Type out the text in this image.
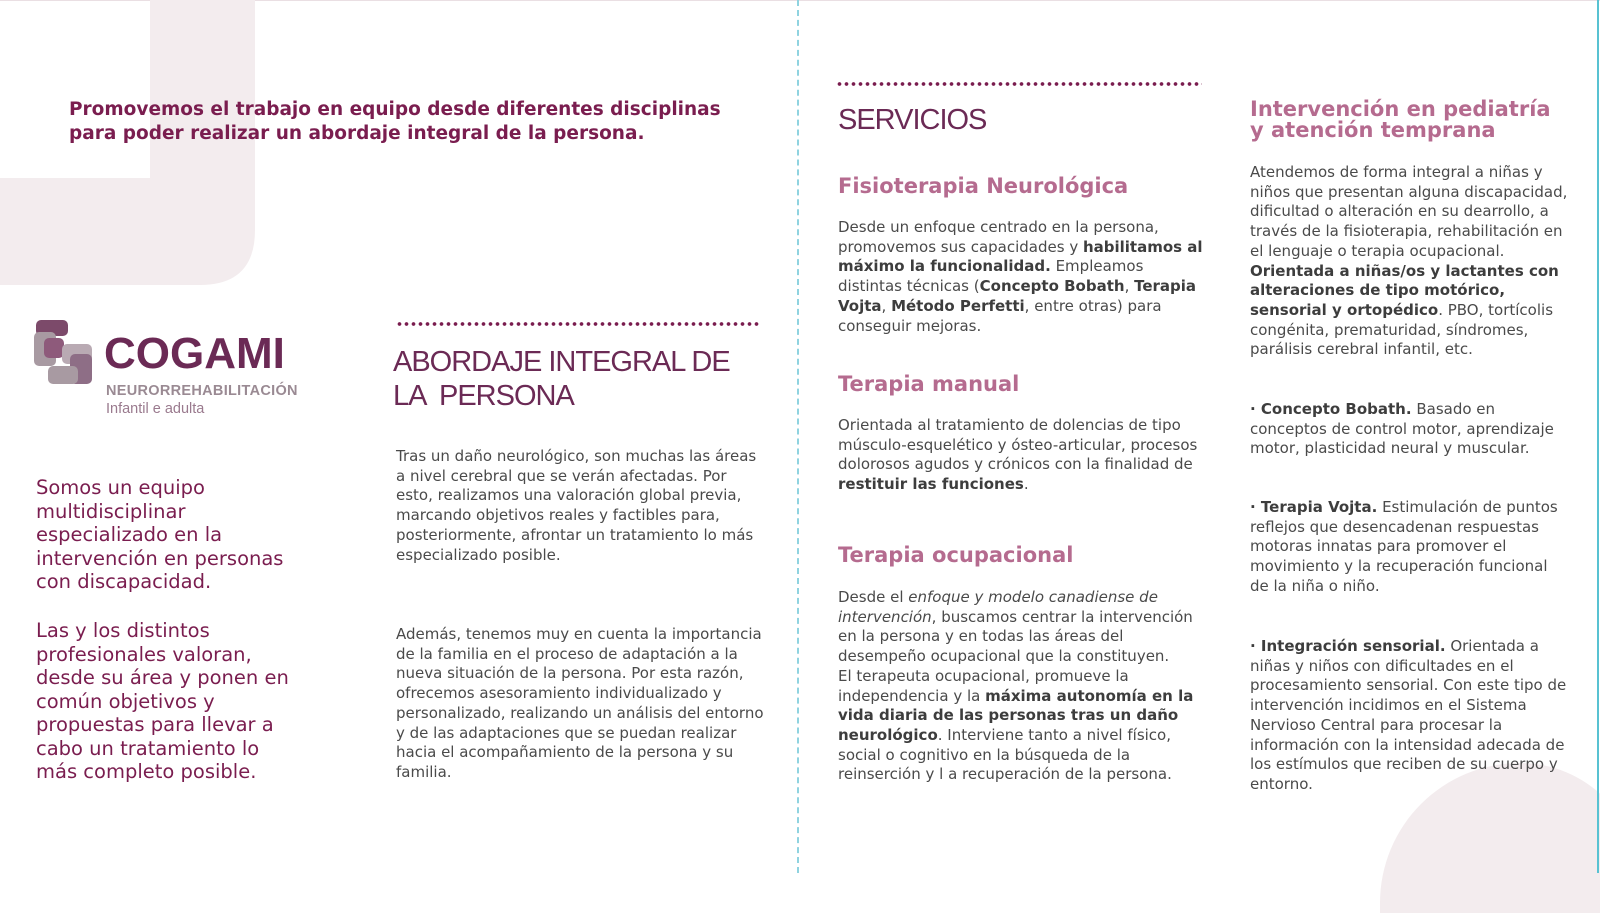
Promovemos el trabajo en equipo desde diferentes disciplinas para poder realizar un abordaje integral de la persona.
COGAMI
NEURORREHABILITACIÓN
Infantil e adulta
Somos un equipo multidisciplinar especializado en la intervención en personas con discapacidad.
Las y los distintos profesionales valoran, desde su área y ponen en común objetivos y propuestas para llevar a cabo un tratamiento lo más completo posible.
ABORDAJE INTEGRAL DE
LA  PERSONA
Tras un daño neurológico, son muchas las áreas a nivel cerebral que se verán afectadas. Por esto, realizamos una valoración global previa, marcando objetivos reales y factibles para, posteriormente, afrontar un tratamiento lo más especializado posible.
Además, tenemos muy en cuenta la importancia de la familia en el proceso de adaptación a la nueva situación de la persona. Por esta razón, ofrecemos asesoramiento individualizado y personalizado, realizando un análisis del entorno y de las adaptaciones que se puedan realizar hacia el acompañamiento de la persona y su familia.
SERVICIOS
Fisioterapia Neurológica
Desde un enfoque centrado en la persona, promovemos sus capacidades y habilitamos al máximo la funcionalidad. Empleamos distintas técnicas (Concepto Bobath, Terapia Vojta, Método Perfetti, entre otras) para conseguir mejoras.
Terapia manual
Orientada al tratamiento de dolencias de tipo músculo-esquelético y ósteo-articular, procesos dolorosos agudos y crónicos con la finalidad de restituir las funciones.
Terapia ocupacional
Desde el enfoque y modelo canadiense de intervención, buscamos centrar la intervención en la persona y en todas las áreas del desempeño ocupacional que la constituyen.
El terapeuta ocupacional, promueve la independencia y la máxima autonomía en la vida diaria de las personas tras un daño neurológico. Interviene tanto a nivel físico, social o cognitivo en la búsqueda de la reinserción y l a recuperación de la persona.
Intervención en pediatría
y atención temprana
Atendemos de forma integral a niñas y niños que presentan alguna discapacidad, dificultad o alteración en su dearrollo, a través de la fisioterapia, rehabilitación en el lenguaje o terapia ocupacional. Orientada a niñas/os y lactantes con alteraciones de tipo motórico, sensorial y ortopédico. PBO, tortícolis congénita, prematuridad, síndromes, parálisis cerebral infantil, etc.
· Concepto Bobath. Basado en conceptos de control motor, aprendizaje motor, plasticidad neural y muscular.
· Terapia Vojta. Estimulación de puntos reflejos que desencadenan respuestas motoras innatas para promover el movimiento y la recuperación funcional de la niña o niño.
· Integración sensorial. Orientada a niñas y niños con dificultades en el procesamiento sensorial. Con este tipo de intervención incidimos en el Sistema Nervioso Central para procesar la información con la intensidad adecada de los estímulos que reciben de su cuerpo y entorno.
